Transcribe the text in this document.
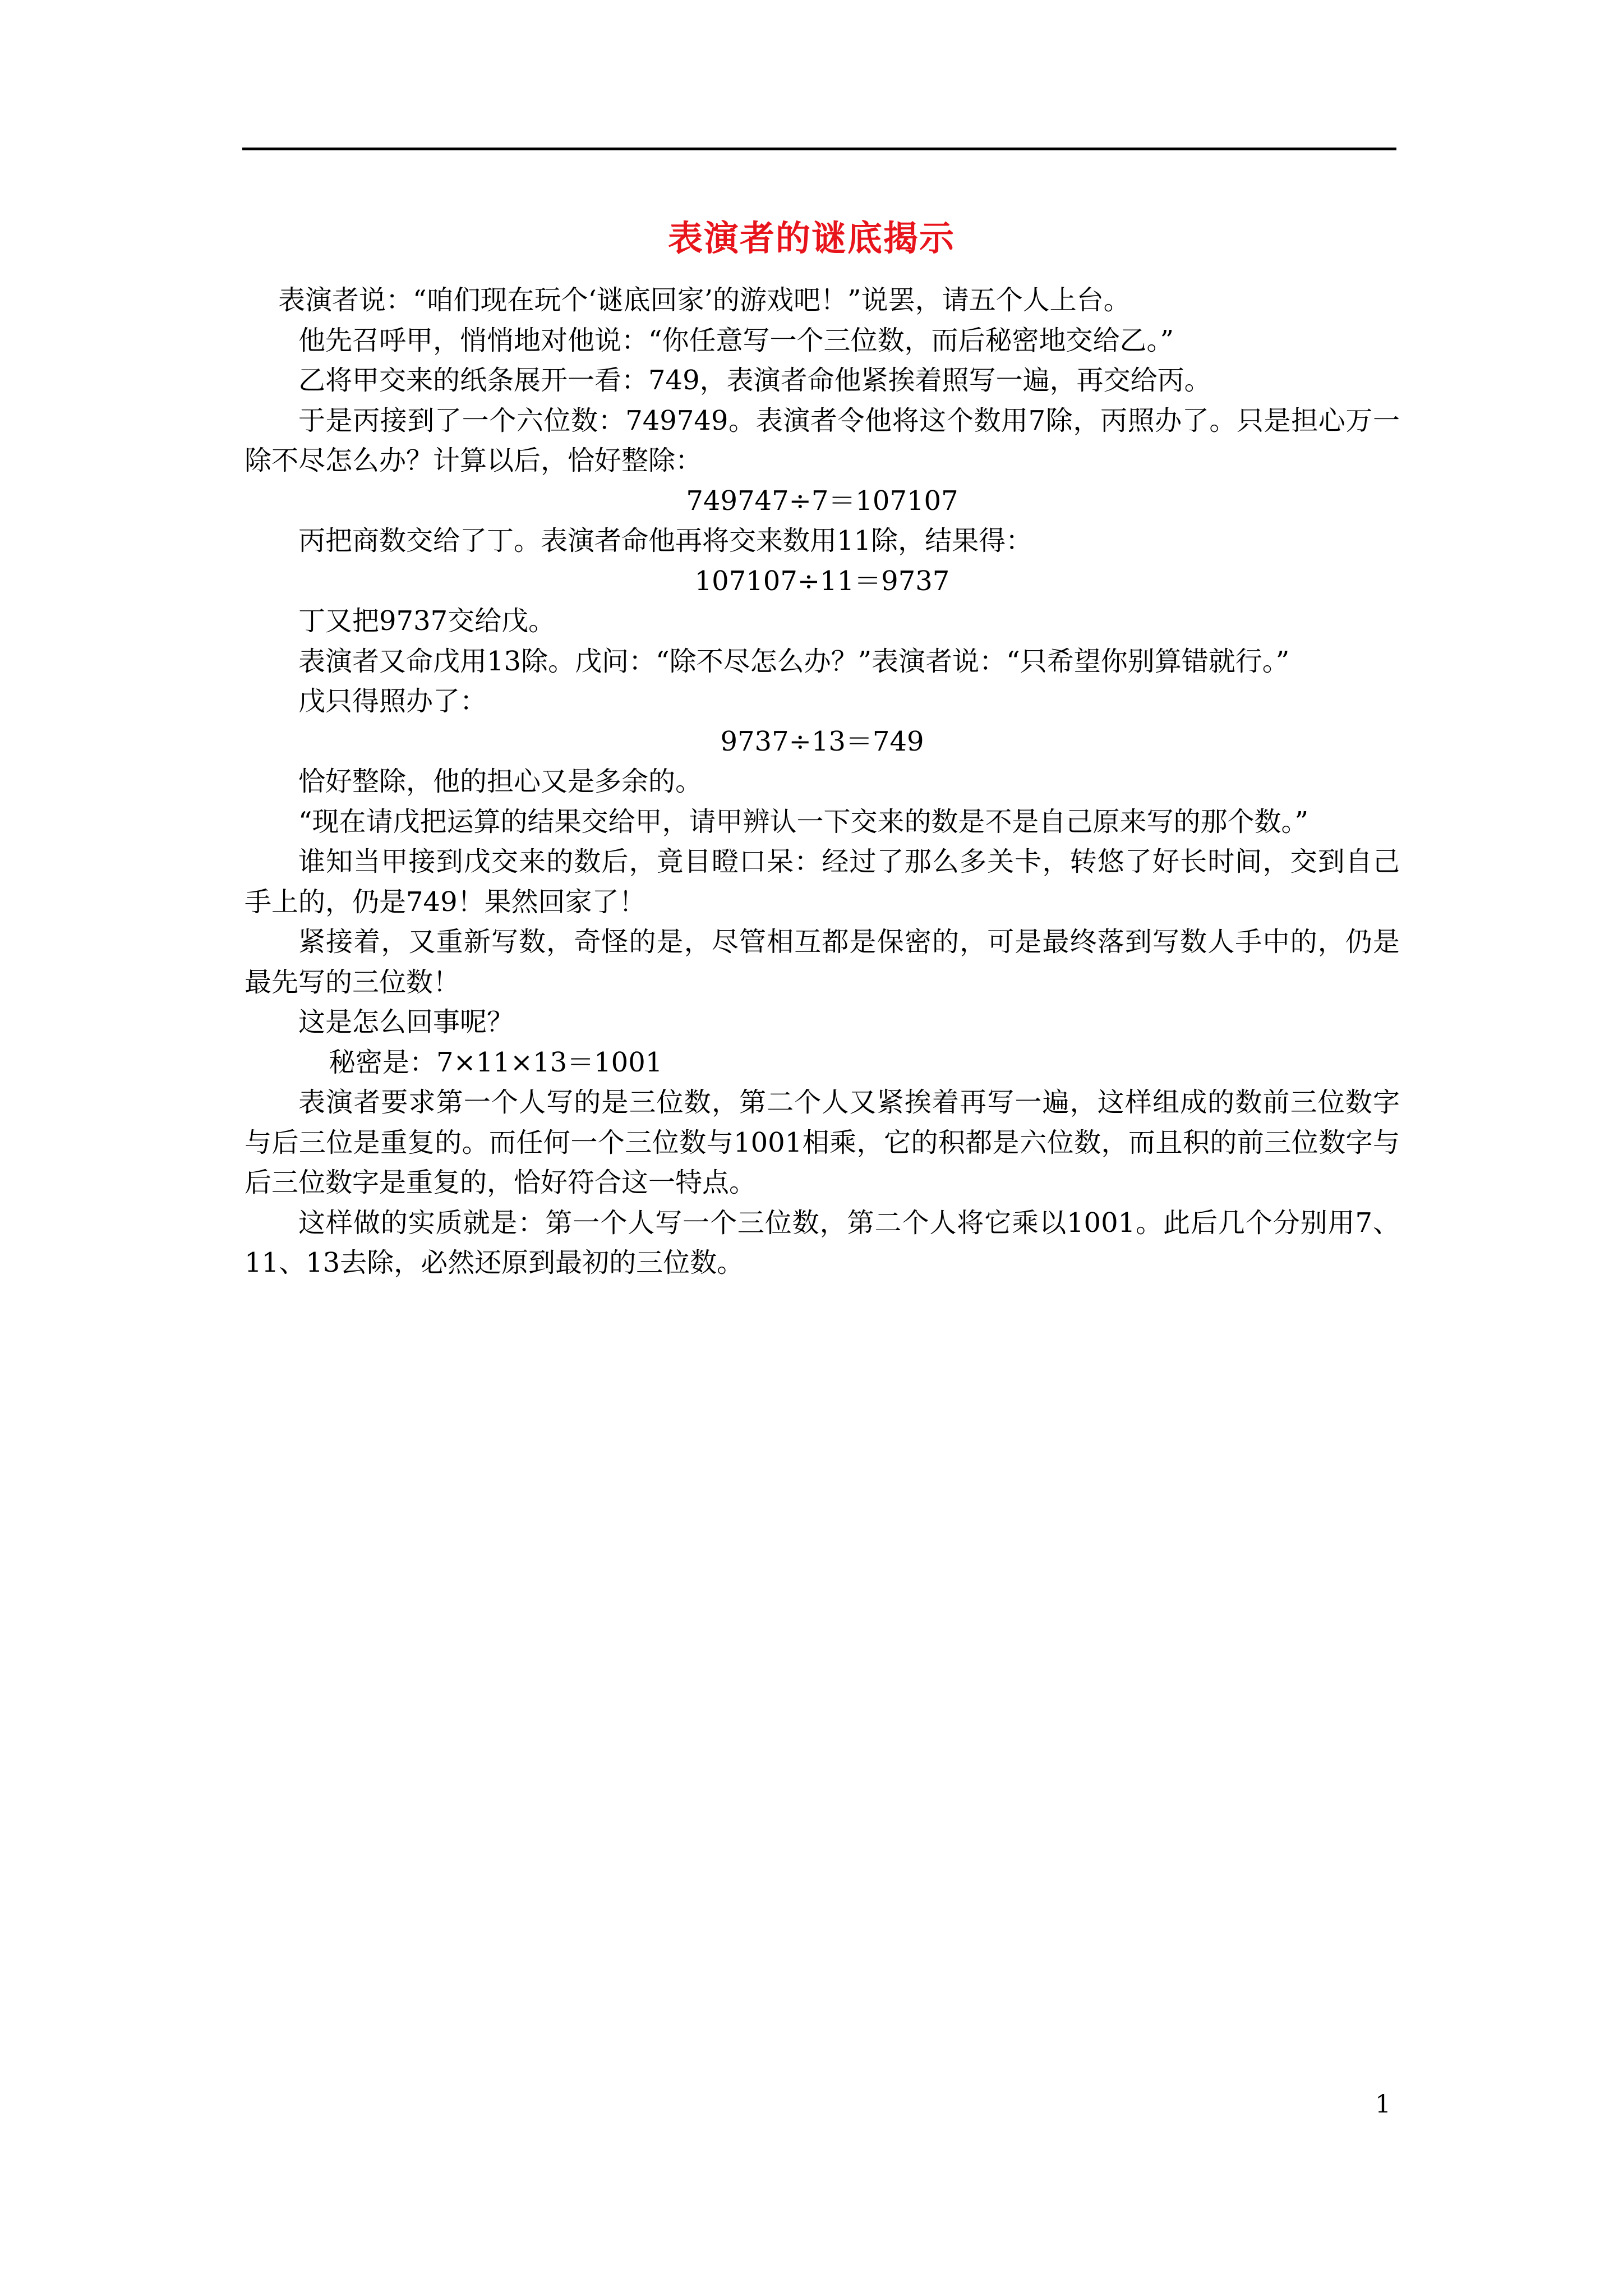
表演者的谜底揭示

表演者说：“咱们现在玩个‘谜底回家’的游戏吧！”说罢，请五个人上台。

他先召呼甲，悄悄地对他说：“你任意写一个三位数，而后秘密地交给乙。”

乙将甲交来的纸条展开一看：749，表演者命他紧挨着照写一遍，再交给丙。

于是丙接到了一个六位数：749749。表演者令他将这个数用7除，丙照办了。只是担心万一除不尽怎么办？计算以后，恰好整除：

749747÷7＝107107

丙把商数交给了丁。表演者命他再将交来数用11除，结果得：

107107÷11＝9737

丁又把9737交给戊。

表演者又命戊用13除。戊问：“除不尽怎么办？”表演者说：“只希望你别算错就行。”

戊只得照办了：

9737÷13＝749

恰好整除，他的担心又是多余的。

“现在请戊把运算的结果交给甲，请甲辨认一下交来的数是不是自己原来写的那个数。”

谁知当甲接到戊交来的数后，竟目瞪口呆：经过了那么多关卡，转悠了好长时间，交到自己手上的，仍是749！果然回家了！

紧接着，又重新写数，奇怪的是，尽管相互都是保密的，可是最终落到写数人手中的，仍是最先写的三位数！

这是怎么回事呢？

秘密是：7×11×13＝1001

表演者要求第一个人写的是三位数，第二个人又紧挨着再写一遍，这样组成的数前三位数字与后三位是重复的。而任何一个三位数与1001相乘，它的积都是六位数，而且积的前三位数字与后三位数字是重复的，恰好符合这一特点。

这样做的实质就是：第一个人写一个三位数，第二个人将它乘以1001。此后几个分别用7、11、13去除，必然还原到最初的三位数。

1
